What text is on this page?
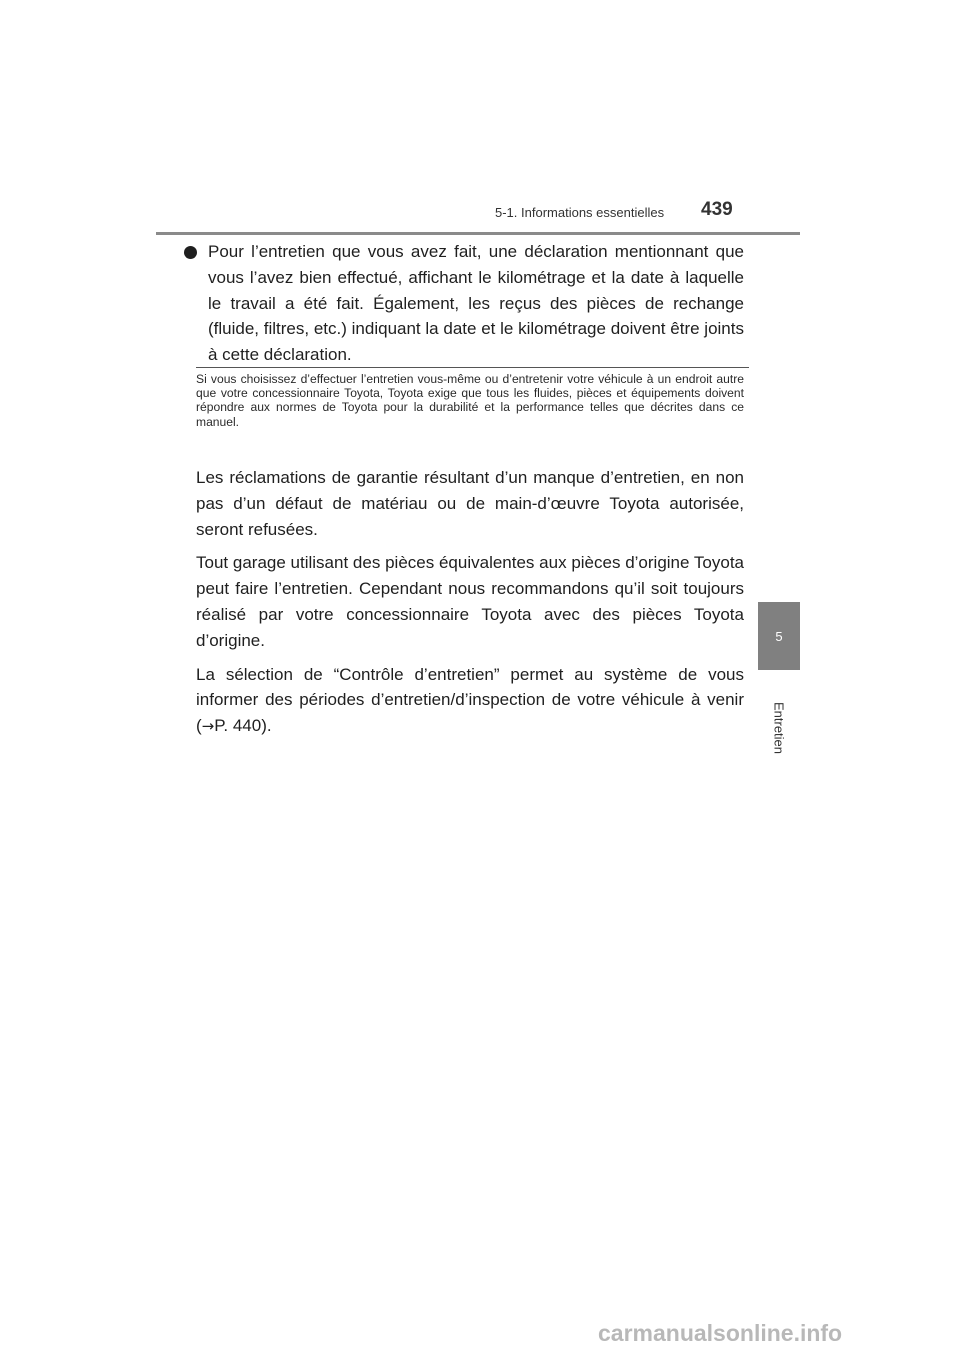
5-1. Informations essentielles 439
5
Entretien

Pour l’entretien que vous avez fait, une déclaration mentionnant que vous l’avez bien effectué, affichant le kilométrage et la date à laquelle le travail a été fait. Également, les reçus des pièces de rechange (fluide, filtres, etc.) indiquant la date et le kilométrage doivent être joints à cette déclaration.

Si vous choisissez d’effectuer l’entretien vous-même ou d’entretenir votre véhicule à un endroit autre que votre concessionnaire Toyota, Toyota exige que tous les fluides, pièces et équipements doivent répondre aux normes de Toyota pour la durabilité et la performance telles que décrites dans ce manuel.

Les réclamations de garantie résultant d’un manque d’entretien, en non pas d’un défaut de matériau ou de main-d’œuvre Toyota autorisée, seront refusées.

Tout garage utilisant des pièces équivalentes aux pièces d’origine Toyota peut faire l’entretien. Cependant nous recommandons qu’il soit toujours réalisé par votre concessionnaire Toyota avec des pièces Toyota d’origine.

La sélection de “Contrôle d’entretien” permet au système de vous informer des périodes d’entretien/d’inspection de votre véhicule à venir (→P. 440).

carmanualsonline.info
